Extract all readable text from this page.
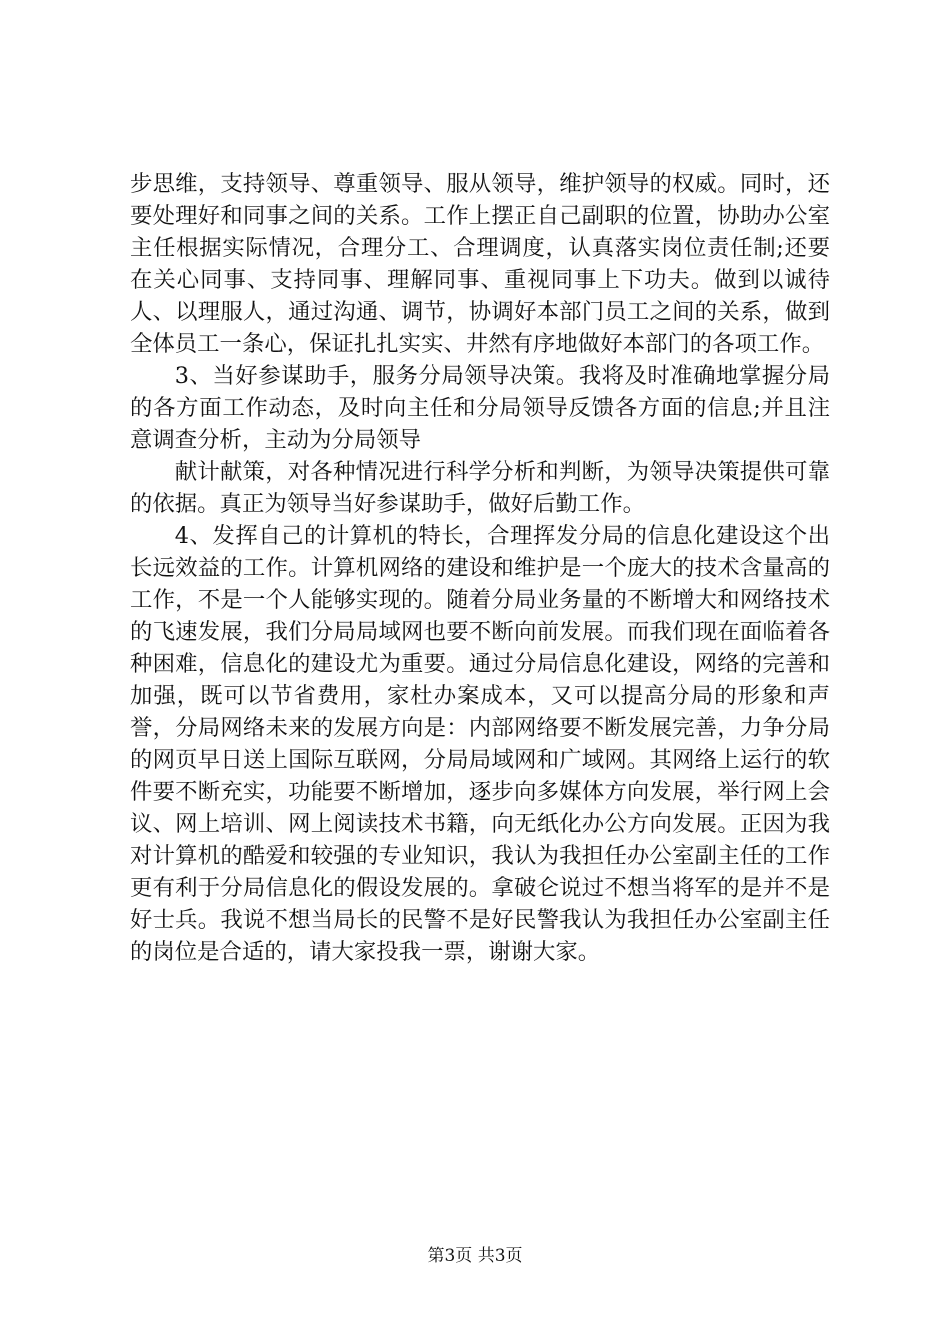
步思维，支持领导、尊重领导、服从领导，维护领导的权威。同时，还要处理好和同事之间的关系。工作上摆正自己副职的位置，协助办公室主任根据实际情况，合理分工、合理调度，认真落实岗位责任制;还要在关心同事、支持同事、理解同事、重视同事上下功夫。做到以诚待人、以理服人，通过沟通、调节，协调好本部门员工之间的关系，做到全体员工一条心，保证扎扎实实、井然有序地做好本部门的各项工作。

3、当好参谋助手，服务分局领导决策。我将及时准确地掌握分局的各方面工作动态，及时向主任和分局领导反馈各方面的信息;并且注意调查分析，主动为分局领导

献计献策，对各种情况进行科学分析和判断，为领导决策提供可靠的依据。真正为领导当好参谋助手，做好后勤工作。

4、发挥自己的计算机的特长，合理挥发分局的信息化建设这个出长远效益的工作。计算机网络的建设和维护是一个庞大的技术含量高的工作，不是一个人能够实现的。随着分局业务量的不断增大和网络技术的飞速发展，我们分局局域网也要不断向前发展。而我们现在面临着各种困难，信息化的建设尤为重要。通过分局信息化建设，网络的完善和加强，既可以节省费用，家杜办案成本，又可以提高分局的形象和声誉，分局网络未来的发展方向是：内部网络要不断发展完善，力争分局的网页早日送上国际互联网，分局局域网和广域网。其网络上运行的软件要不断充实，功能要不断增加，逐步向多媒体方向发展，举行网上会议、网上培训、网上阅读技术书籍，向无纸化办公方向发展。正因为我对计算机的酷爱和较强的专业知识，我认为我担任办公室副主任的工作更有利于分局信息化的假设发展的。拿破仑说过不想当将军的是并不是好士兵。我说不想当局长的民警不是好民警我认为我担任办公室副主任的岗位是合适的，请大家投我一票，谢谢大家。

第3页 共3页
